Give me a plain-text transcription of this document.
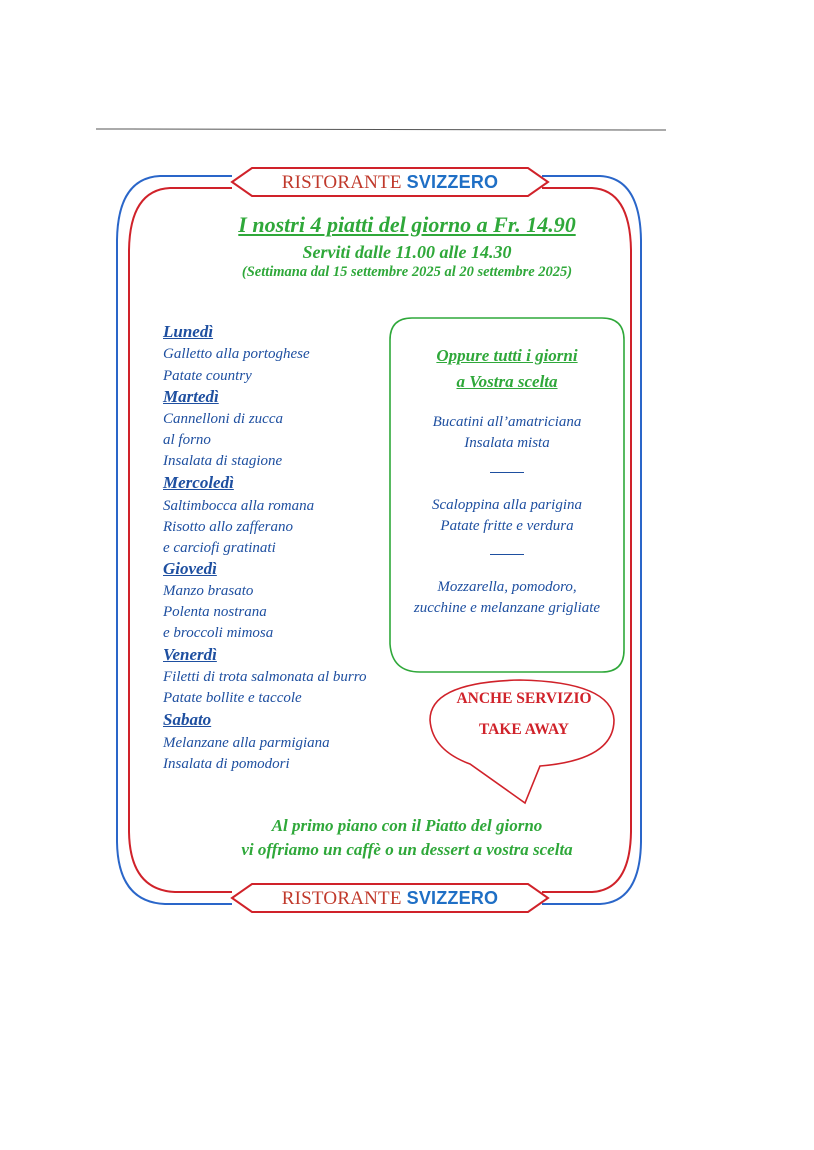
RISTORANTE SVIZZERO
I nostri 4 piatti del giorno a Fr. 14.90
Serviti dalle 11.00 alle 14.30
(Settimana dal 15 settembre 2025 al 20 settembre 2025)
Lunedì
Galletto alla portoghese
Patate country
Martedì
Cannelloni di zucca
al forno
Insalata di stagione
Mercoledì
Saltimbocca alla romana
Risotto allo zafferano
e carciofi gratinati
Giovedì
Manzo brasato
Polenta nostrana
e broccoli mimosa
Venerdì
Filetti di trota salmonata al burro
Patate bollite e taccole
Sabato
Melanzane alla parmigiana
Insalata di pomodori
Oppure tutti i giorni
a Vostra scelta
Bucatini all’amatriciana
Insalata mista
Scaloppina alla parigina
Patate fritte e verdura
Mozzarella, pomodoro,
zucchine e melanzane grigliate
ANCHE SERVIZIO
TAKE AWAY
Al primo piano con il Piatto del giorno
vi offriamo un caffè o un dessert a vostra scelta
RISTORANTE SVIZZERO
